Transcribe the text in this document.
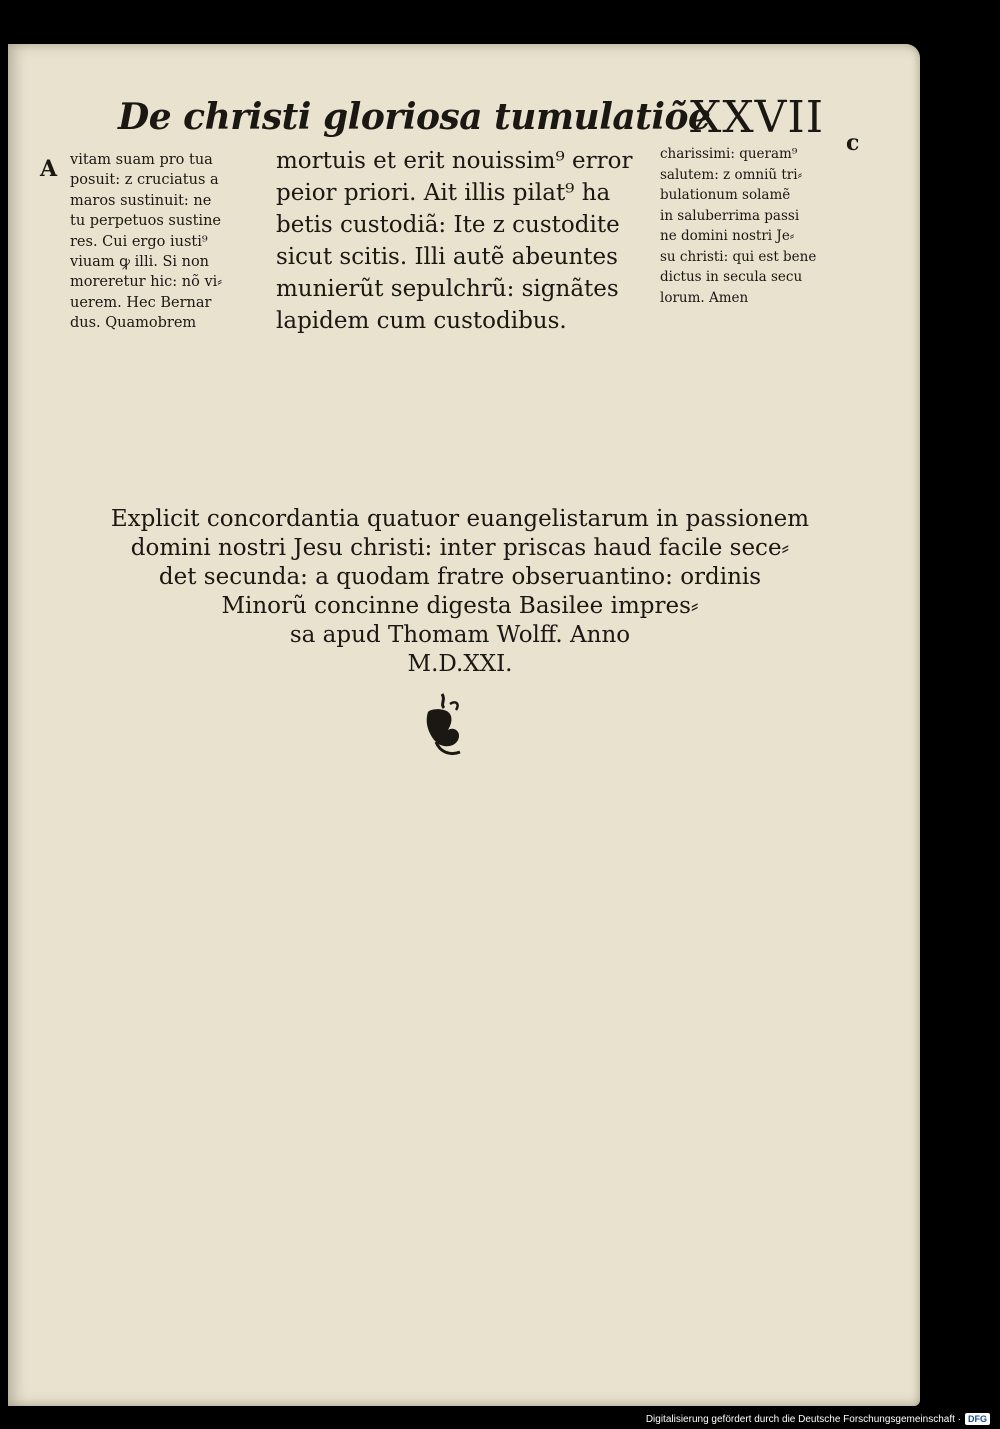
De christi gloriosa tumulatiõe
XXVII c
A vitam suam pro tua
posuit: z cruciatus a
maros sustinuit: ne
tu perpetuos sustine
res. Cui ergo iusti⁹
viuam ꝙ illi. Si non
moreretur hic: nõ vi⸗
uerem. Hec Bernar
dus. Quamobrem
mortuis et erit nouissim⁹ error
peior priori. Ait illis pilat⁹ ha
betis custodiã: Ite z custodite
sicut scitis. Illi autẽ abeuntes
munierũt sepulchrũ: signãtes
lapidem cum custodibus.
charissimi: queram⁹
salutem: z omniũ tri⸗
bulationum solamẽ
in saluberrima passi
ne domini nostri Je⸗
su christi: qui est bene
dictus in secula secu
lorum. Amen
Explicit concordantia quatuor euangelistarum in passionem
domini nostri Jesu christi: inter priscas haud facile sece⸗
det secunda: a quodam fratre obseruantino: ordinis
Minorũ concinne digesta Basilee impres⸗
sa apud Thomam Wolff. Anno
M.D.XXI.
Digitalisierung gefördert durch die Deutsche Forschungsgemeinschaft · DFG
